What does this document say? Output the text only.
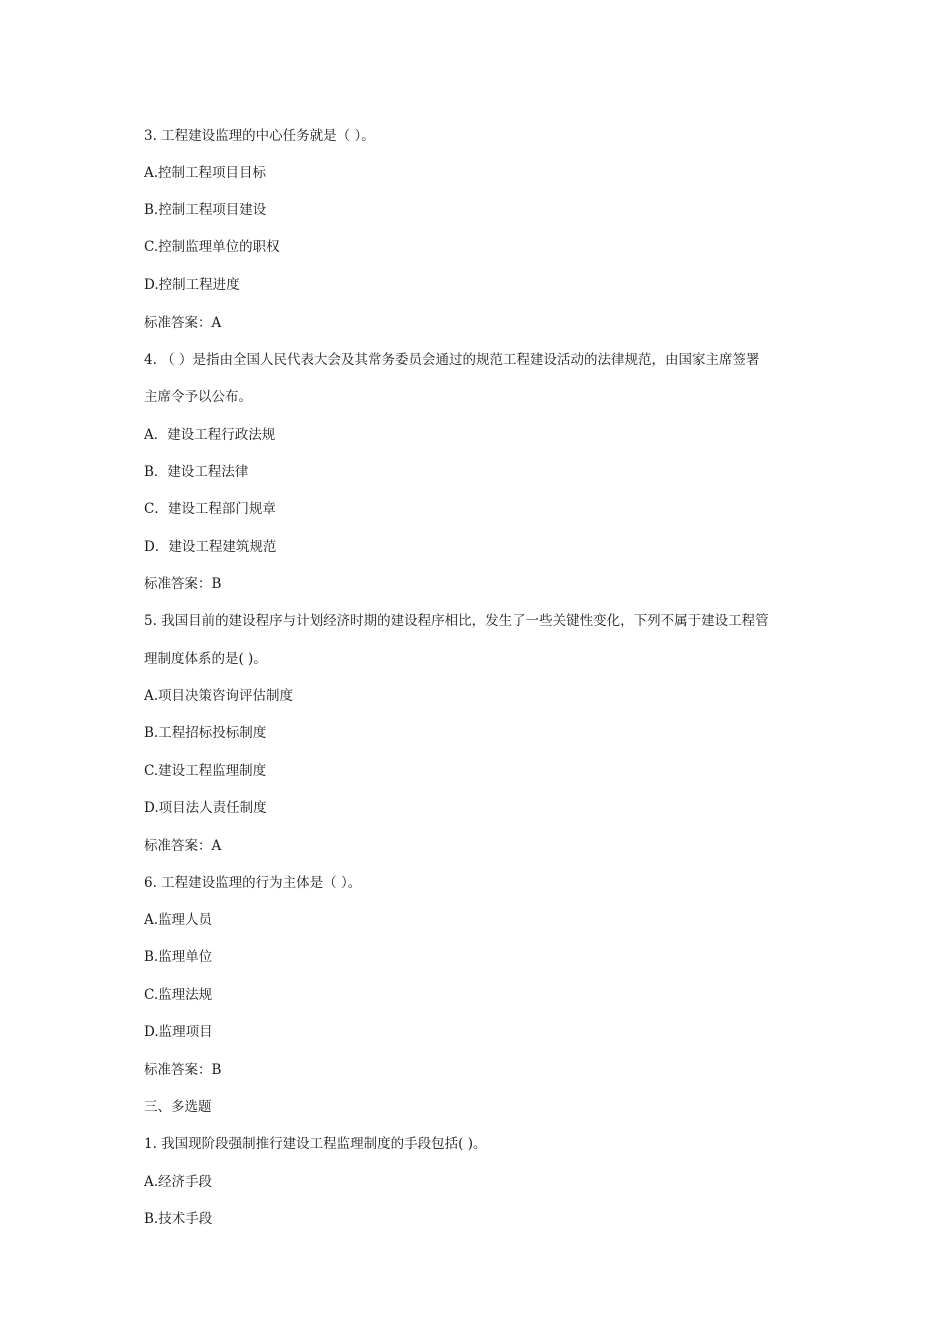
3. 工程建设监理的中心任务就是（ ）。
A.控制工程项目目标
B.控制工程项目建设
C.控制监理单位的职权
D.控制工程进度
标准答案：A
4. （ ）是指由全国人民代表大会及其常务委员会通过的规范工程建设活动的法律规范，由国家主席签署
主席令予以公布。
A．建设工程行政法规
B．建设工程法律
C．建设工程部门规章
D．建设工程建筑规范
标准答案：B
5. 我国目前的建设程序与计划经济时期的建设程序相比，发生了一些关键性变化，下列不属于建设工程管
理制度体系的是( )。
A.项目决策咨询评估制度
B.工程招标投标制度
C.建设工程监理制度
D.项目法人责任制度
标准答案：A
6. 工程建设监理的行为主体是（ ）。
A.监理人员
B.监理单位
C.监理法规
D.监理项目
标准答案：B
三、多选题
1. 我国现阶段强制推行建设工程监理制度的手段包括( )。
A.经济手段
B.技术手段
